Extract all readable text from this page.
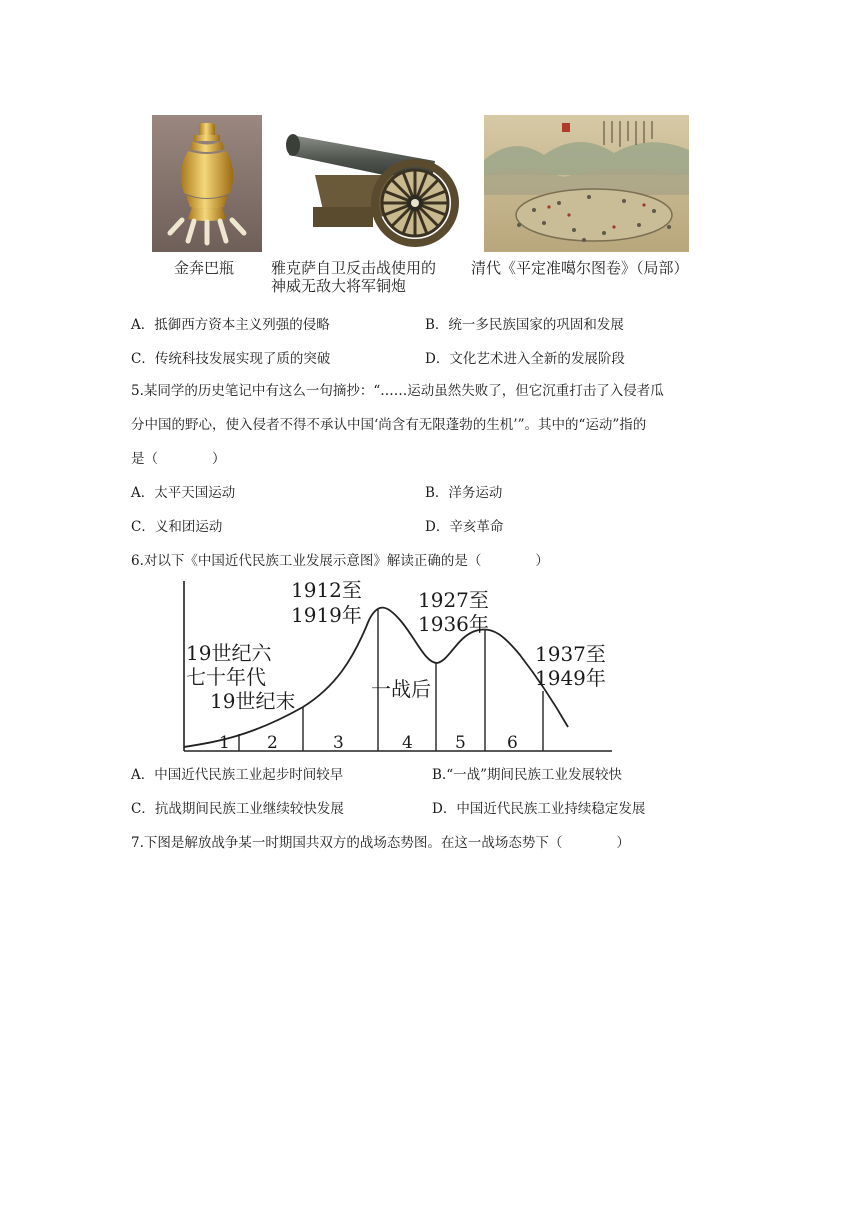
金奔巴瓶 雅克萨自卫反击战使用的
神威无敌大将军铜炮
清代《平定准噶尔图卷》（局部）
A．抵御西方资本主义列强的侵略	B．统一多民族国家的巩固和发展
C．传统科技发展实现了质的突破	D．文化艺术进入全新的发展阶段
5.某同学的历史笔记中有这么一句摘抄：“……运动虽然失败了，但它沉重打击了入侵者瓜
分中国的野心，使入侵者不得不承认中国‘尚含有无限蓬勃的生机’”。其中的“运动”指的
是（　　　　）
A．太平天国运动	B．洋务运动
C．义和团运动	D．辛亥革命
6.对以下《中国近代民族工业发展示意图》解读正确的是（　　　　）
1 2	3	4 5 6
19世纪六
七十年代
19世纪末
1912至
1919年
一战后
1927至
1936年
1937至
1949年
A．中国近代民族工业起步时间较早	B.“一战”期间民族工业发展较快
C．抗战期间民族工业继续较快发展	D．中国近代民族工业持续稳定发展
7.下图是解放战争某一时期国共双方的战场态势图。在这一战场态势下（　　　　）
